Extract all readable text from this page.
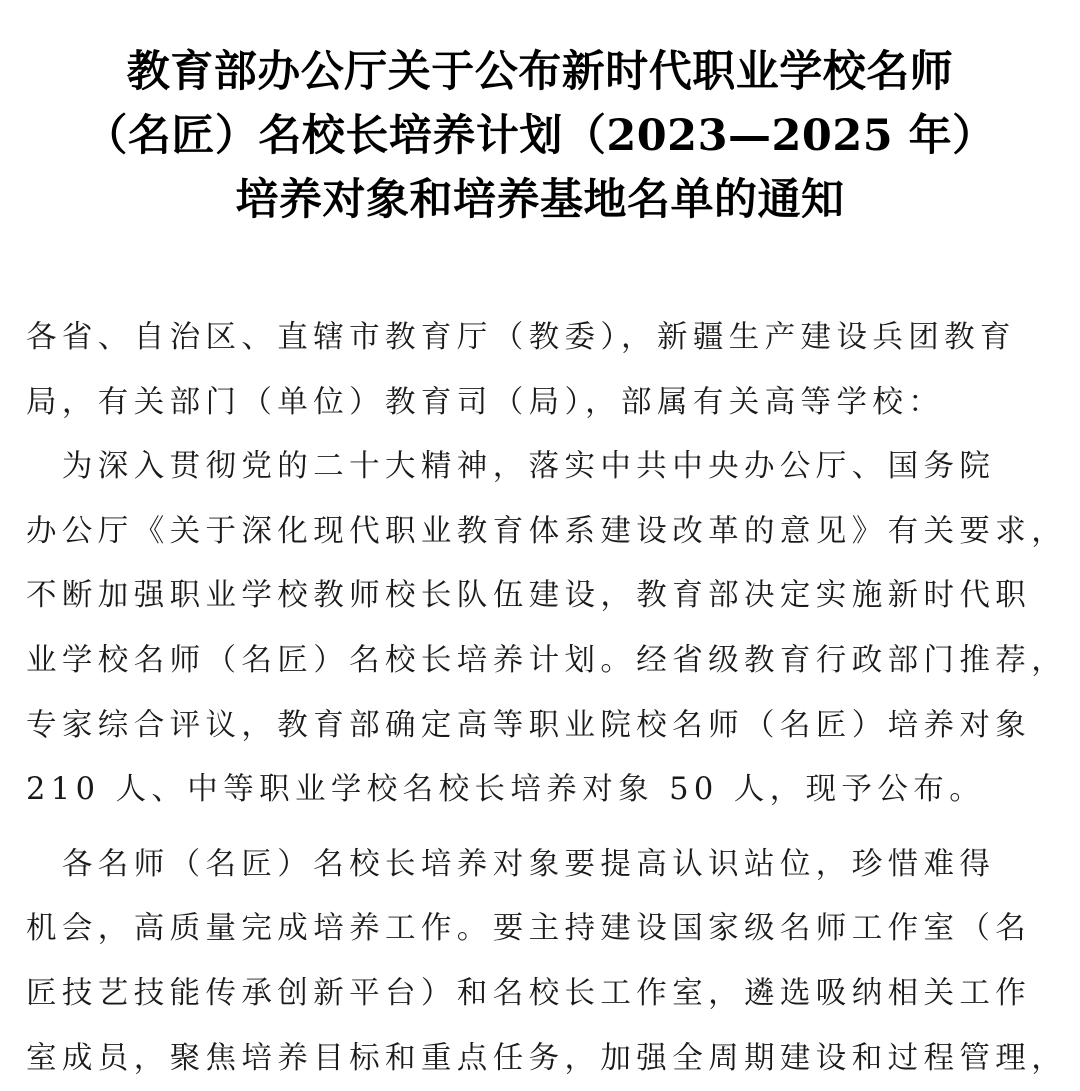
教育部办公厅关于公布新时代职业学校名师
（名匠）名校长培养计划（2023—2025 年）
培养对象和培养基地名单的通知
各省、自治区、直辖市教育厅（教委），新疆生产建设兵团教育
局，有关部门（单位）教育司（局），部属有关高等学校：
　为深入贯彻党的二十大精神，落实中共中央办公厅、国务院
办公厅《关于深化现代职业教育体系建设改革的意见》有关要求，
不断加强职业学校教师校长队伍建设，教育部决定实施新时代职
业学校名师（名匠）名校长培养计划。经省级教育行政部门推荐，
专家综合评议，教育部确定高等职业院校名师（名匠）培养对象
210 人、中等职业学校名校长培养对象 50 人，现予公布。
　各名师（名匠）名校长培养对象要提高认识站位，珍惜难得
机会，高质量完成培养工作。要主持建设国家级名师工作室（名
匠技艺技能传承创新平台）和名校长工作室，遴选吸纳相关工作
室成员，聚焦培养目标和重点任务，加强全周期建设和过程管理，
